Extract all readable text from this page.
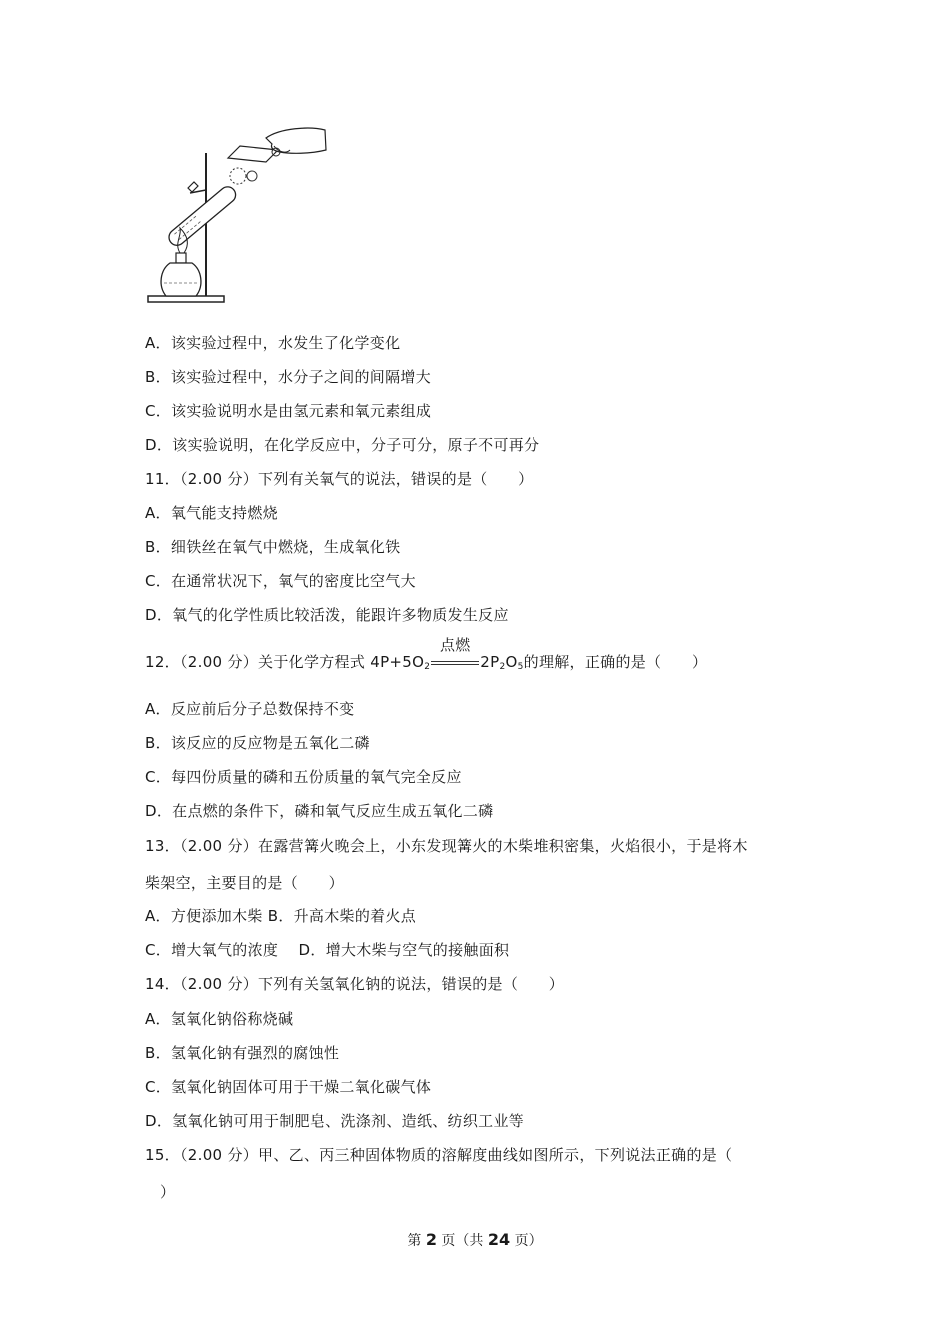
A．该实验过程中，水发生了化学变化
B．该实验过程中，水分子之间的间隔增大
C．该实验说明水是由氢元素和氧元素组成
D．该实验说明，在化学反应中，分子可分，原子不可再分
11．（2.00 分）下列有关氧气的说法，错误的是（　　）
A．氧气能支持燃烧
B．细铁丝在氧气中燃烧，生成氧化铁
C．在通常状况下，氧气的密度比空气大
D．氧气的化学性质比较活泼，能跟许多物质发生反应
12．（2.00 分）关于化学方程式 $4P+5O_2$
点燃
$2P_2O_5$的理解，正确的是（　　）
A．反应前后分子总数保持不变
B．该反应的反应物是五氧化二磷
C．每四份质量的磷和五份质量的氧气完全反应
D．在点燃的条件下，磷和氧气反应生成五氧化二磷
13．（2.00 分）在露营篝火晚会上，小东发现篝火的木柴堆积密集，火焰很小，于是将木
柴架空，主要目的是（　　）
A．方便添加木柴 B．升高木柴的着火点
C．增大氧气的浓度　 D．增大木柴与空气的接触面积
14．（2.00 分）下列有关氢氧化钠的说法，错误的是（　　）
A．氢氧化钠俗称烧碱
B．氢氧化钠有强烈的腐蚀性
C．氢氧化钠固体可用于干燥二氧化碳气体
D．氢氧化钠可用于制肥皂、洗涤剂、造纸、纺织工业等
15．（2.00 分）甲、乙、丙三种固体物质的溶解度曲线如图所示，下列说法正确的是（
）
第 2 页（共 24 页）
